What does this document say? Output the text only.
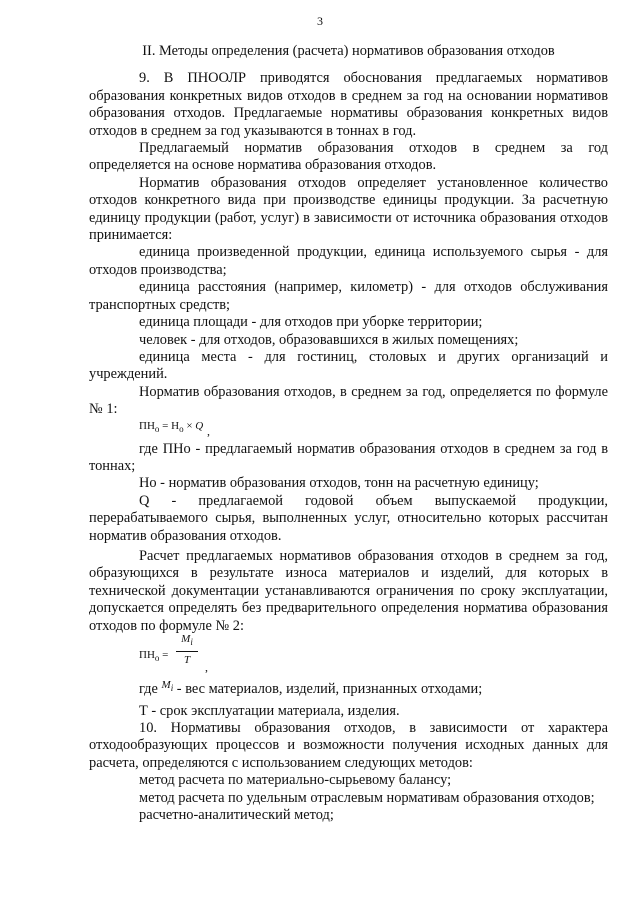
3
II. Методы определения (расчета) нормативов образования отходов

9. В ПНООЛР приводятся обоснования предлагаемых нормативов образования конкретных видов отходов в среднем за год на основании нормативов образования отходов. Предлагаемые нормативы образования конкретных видов отходов в среднем за год указываются в тоннах в год.

Предлагаемый норматив образования отходов в среднем за год определяется на основе норматива образования отходов.

Норматив образования отходов определяет установленное количество отходов конкретного вида при производстве единицы продукции. За расчетную единицу продукции (работ, услуг) в зависимости от источника образования отходов принимается:

единица произведенной продукции, единица используемого сырья - для отходов производства;

единица расстояния (например, километр) - для отходов обслуживания транспортных средств;

единица площади - для отходов при уборке территории;

человек - для отходов, образовавшихся в жилых помещениях;

единица места - для гостиниц, столовых и других организаций и учреждений.

Норматив образования отходов, в среднем за год, определяется по формуле № 1:

$ПН_о = Н_о \times Q$ ,

где ПНо - предлагаемый норматив образования отходов в среднем за год в тоннах;

Но - норматив образования отходов, тонн на расчетную единицу;

Q - предлагаемой годовой объем выпускаемой продукции, перерабатываемого сырья, выполненных услуг, относительно которых рассчитан норматив образования отходов.

Расчет предлагаемых нормативов образования отходов в среднем за год, образующихся в результате износа материалов и изделий, для которых в технической документации устанавливаются ограничения по сроку эксплуатации, допускается определять без предварительного определения норматива образования отходов по формуле № 2:

$ПН_о$ =
$M_i$
T	,

где $^{M_i}$ - вес материалов, изделий, признанных отходами;

Т - срок эксплуатации материала, изделия.

10. Нормативы образования отходов, в зависимости от характера отходообразующих процессов и возможности получения исходных данных для расчета, определяются с использованием следующих методов:

метод расчета по материально-сырьевому балансу;

метод расчета по удельным отраслевым нормативам образования отходов;

расчетно-аналитический метод;
